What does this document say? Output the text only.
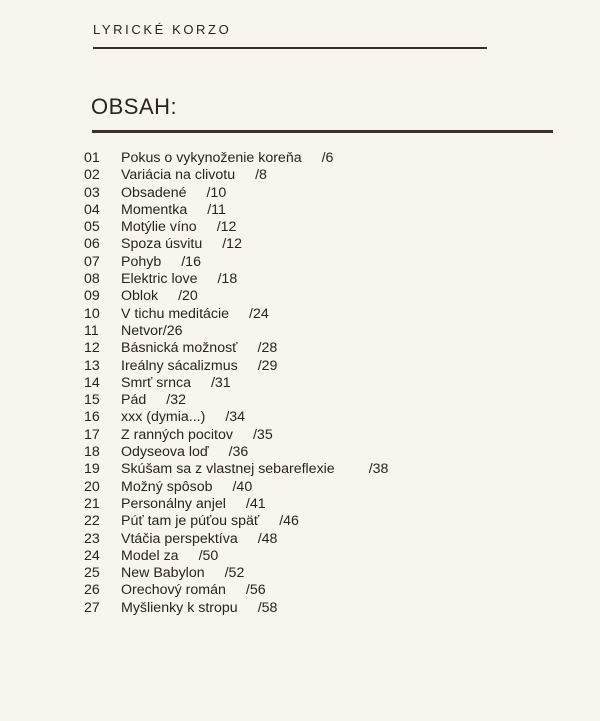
LYRICKÉ KORZO
OBSAH:
01 Pokus o vykynoženie koreňa /6
02 Variácia na clivotu /8
03 Obsadené /10
04 Momentka /11
05 Motýlie víno /12
06 Spoza úsvitu /12
07 Pohyb /16
08 Elektric love /18
09 Oblok /20
10 V tichu meditácie /24
11 Netvor/26
12 Básnická možnosť /28
13 Ireálny sácalizmus /29
14 Smrť srnca /31
15 Pád /32
16 xxx (dymia...) /34
17 Z ranných pocitov /35
18 Odyseova loď /36
19 Skúšam sa z vlastnej sebareflexie /38
20 Možný spôsob /40
21 Personálny anjel /41
22 Púť tam je púťou späť /46
23 Vtáčia perspektíva /48
24 Model za /50
25 New Babylon /52
26 Orechový román /56
27 Myšlienky k stropu /58
